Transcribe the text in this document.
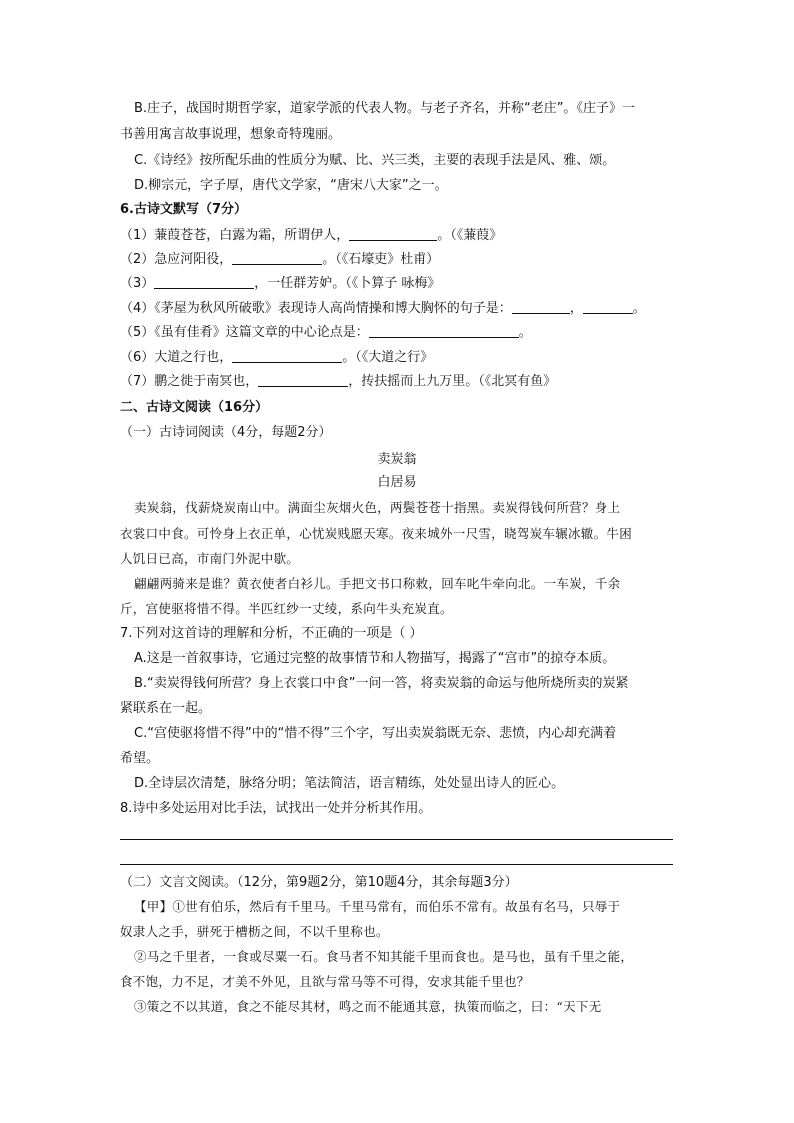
B.庄子，战国时期哲学家，道家学派的代表人物。与老子齐名，并称“老庄”。《庄子》一
书善用寓言故事说理，想象奇特瑰丽。
C.《诗经》按所配乐曲的性质分为赋、比、兴三类，主要的表现手法是风、雅、颂。
D.柳宗元，字子厚，唐代文学家，“唐宋八大家”之一。
6.古诗文默写（7分）
（1）蒹葭苍苍，白露为霜，所谓伊人，	。（《蒹葭》
（2）急应河阳役，	。（《石壕吏》杜甫）
（3）	，一任群芳妒。（《卜算子 咏梅》
（4）《茅屋为秋风所破歌》表现诗人高尚情操和博大胸怀的句子是：	，	。
（5）《虽有佳肴》这篇文章的中心论点是：	。
（6）大道之行也，	。（《大道之行》
（7）鹏之徙于南冥也，	，抟扶摇而上九万里。（《北冥有鱼》
二、古诗文阅读（16分）
（一）古诗词阅读（4分，每题2分）
卖炭翁
白居易
卖炭翁，伐薪烧炭南山中。满面尘灰烟火色，两鬓苍苍十指黑。卖炭得钱何所营？身上
衣裳口中食。可怜身上衣正单，心忧炭贱愿天寒。夜来城外一尺雪，晓驾炭车辗冰辙。牛困
人饥日已高，市南门外泥中歇。
翩翩两骑来是谁？黄衣使者白衫儿。手把文书口称敕，回车叱牛牵向北。一车炭，千余
斤，宫使驱将惜不得。半匹红纱一丈绫，系向牛头充炭直。
7.下列对这首诗的理解和分析，不正确的一项是（ ）
A.这是一首叙事诗，它通过完整的故事情节和人物描写，揭露了“宫市”的掠夺本质。
B.“卖炭得钱何所营？身上衣裳口中食”一问一答，将卖炭翁的命运与他所烧所卖的炭紧
紧联系在一起。
C.“宫使驱将惜不得”中的“惜不得”三个字，写出卖炭翁既无奈、悲愤，内心却充满着
希望。
D.全诗层次清楚，脉络分明；笔法简洁，语言精练，处处显出诗人的匠心。
8.诗中多处运用对比手法，试找出一处并分析其作用。
（二）文言文阅读。（12分，第9题2分，第10题4分，其余每题3分）
【甲】①世有伯乐，然后有千里马。千里马常有，而伯乐不常有。故虽有名马，只辱于
奴隶人之手，骈死于槽枥之间，不以千里称也。
②马之千里者，一食或尽粟一石。食马者不知其能千里而食也。是马也，虽有千里之能，
食不饱，力不足，才美不外见，且欲与常马等不可得，安求其能千里也？
③策之不以其道，食之不能尽其材，鸣之而不能通其意，执策而临之，曰：“天下无
